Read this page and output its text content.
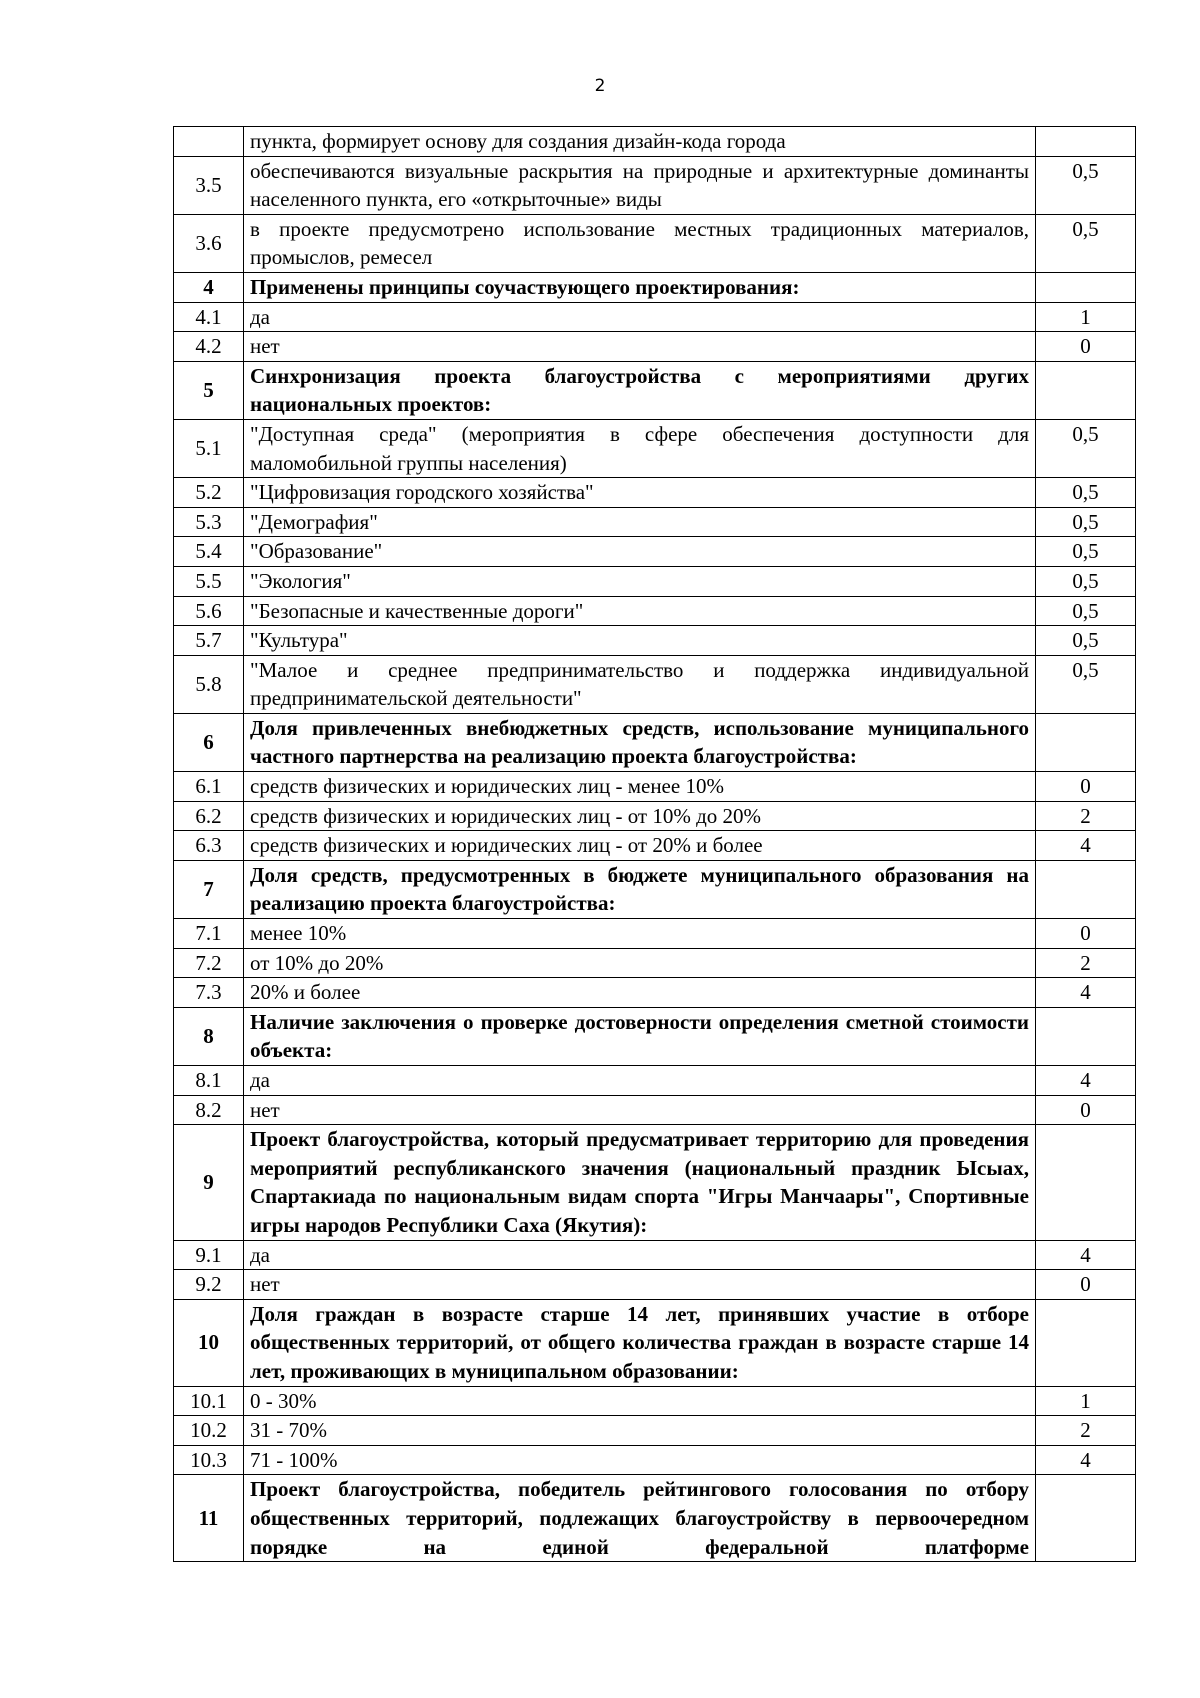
2
	пункта, формирует основу для создания дизайн-кода города	
3.5	обеспечиваются визуальные раскрытия на природные и архитектурные доминанты населенного пункта, его «открыточные» виды	0,5
3.6	в проекте предусмотрено использование местных традиционных материалов, промыслов, ремесел	0,5
4	Применены принципы соучаствующего проектирования:	
4.1	да	1
4.2	нет	0
5	Синхронизация проекта благоустройства с мероприятиями других национальных проектов:	
5.1	"Доступная среда" (мероприятия в сфере обеспечения доступности для маломобильной группы населения)	0,5
5.2	"Цифровизация городского хозяйства"	0,5
5.3	"Демография"	0,5
5.4	"Образование"	0,5
5.5	"Экология"	0,5
5.6	"Безопасные и качественные дороги"	0,5
5.7	"Культура"	0,5
5.8	"Малое и среднее предпринимательство и поддержка индивидуальной предпринимательской деятельности"	0,5
6	Доля привлеченных внебюджетных средств, использование муниципального частного партнерства на реализацию проекта благоустройства:	
6.1	средств физических и юридических лиц - менее 10%	0
6.2	средств физических и юридических лиц - от 10% до 20%	2
6.3	средств физических и юридических лиц - от 20% и более	4
7	Доля средств, предусмотренных в бюджете муниципального образования на реализацию проекта благоустройства:	
7.1	менее 10%	0
7.2	от 10% до 20%	2
7.3	20% и более	4
8	Наличие заключения о проверке достоверности определения сметной стоимости объекта:	
8.1	да	4
8.2	нет	0
9	Проект благоустройства, который предусматривает территорию для проведения мероприятий республиканского значения (национальный праздник Ысыах, Спартакиада по национальным видам спорта "Игры Манчаары", Спортивные игры народов Республики Саха (Якутия):	
9.1	да	4
9.2	нет	0
10	Доля граждан в возрасте старше 14 лет, принявших участие в отборе общественных территорий, от общего количества граждан в возрасте старше 14 лет, проживающих в муниципальном образовании:	
10.1	0 - 30%	1
10.2	31 - 70%	2
10.3	71 - 100%	4
11	Проект благоустройства, победитель рейтингового голосования по отбору общественных территорий, подлежащих благоустройству в первоочередном порядке на единой федеральной платформе	
